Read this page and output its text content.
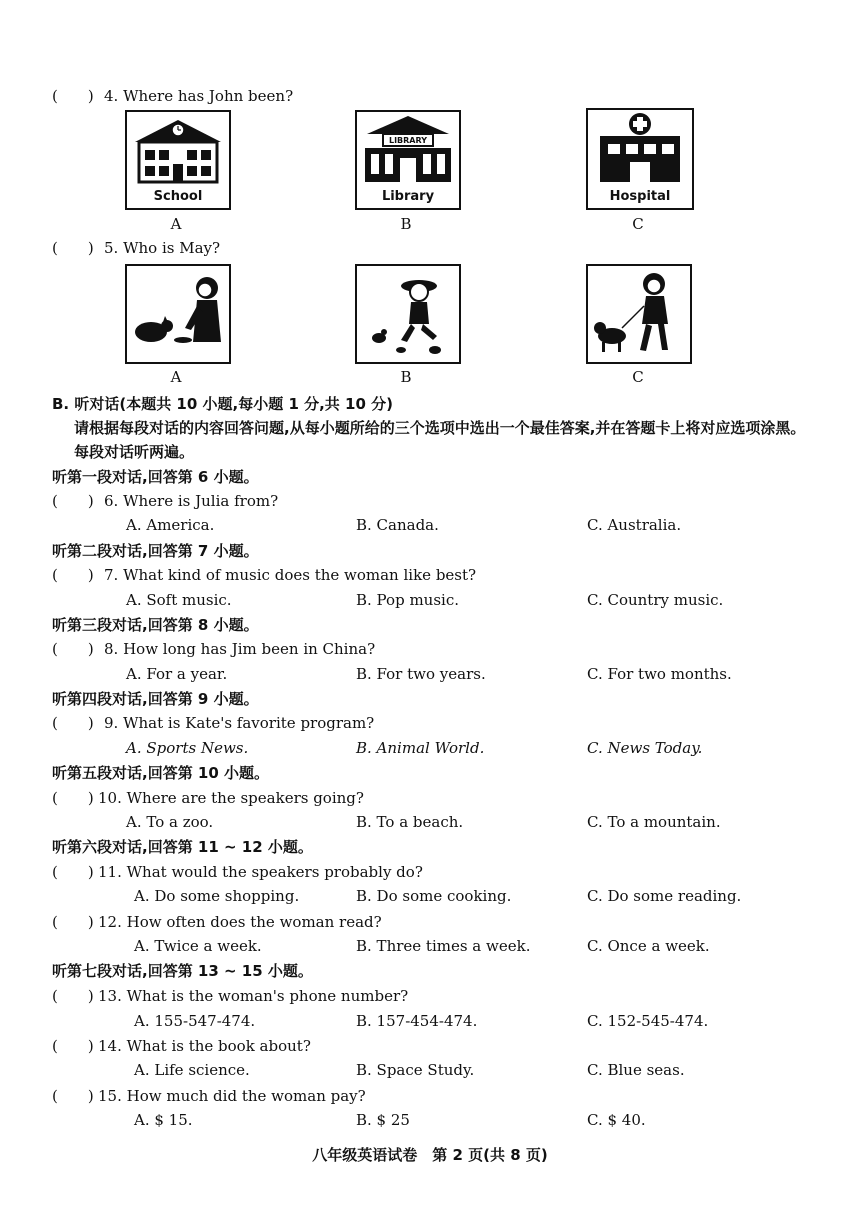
(　　) 4. Where has John been?
School
A
LIBRARY
Library
B
Hospital
C
(　　) 5. Who is May?
A	B	C
B. 听对话(本题共 10 小题,每小题 1 分,共 10 分)
请根据每段对话的内容回答问题,从每小题所给的三个选项中选出一个最佳答案,并在答题卡上将对应选项涂黑。每段对话听两遍。
听第一段对话,回答第 6 小题。
(　　) 6. Where is Julia from?
A. America.	B. Canada.	C. Australia.
听第二段对话,回答第 7 小题。
(　　) 7. What kind of music does the woman like best?
A. Soft music.	B. Pop music.	C. Country music.
听第三段对话,回答第 8 小题。
(　　) 8. How long has Jim been in China?
A. For a year.	B. For two years.	C. For two months.
听第四段对话,回答第 9 小题。
(　　) 9. What is Kate's favorite program?
A. Sports News.	B. Animal World.	C. News Today.
听第五段对话,回答第 10 小题。
(　　) 10. Where are the speakers going?
A. To a zoo.	B. To a beach.	C. To a mountain.
听第六段对话,回答第 11 ~ 12 小题。
(　　) 11. What would the speakers probably do?
A. Do some shopping.	B. Do some cooking.	C. Do some reading.
(　　) 12. How often does the woman read?
A. Twice a week.	B. Three times a week.	C. Once a week.
听第七段对话,回答第 13 ~ 15 小题。
(　　) 13. What is the woman's phone number?
A. 155-547-474.	B. 157-454-474.	C. 152-545-474.
(　　) 14. What is the book about?
A. Life science.	B. Space Study.	C. Blue seas.
(　　) 15. How much did the woman pay?
A. $ 15.	B. $ 25	C. $ 40.
八年级英语试卷　第 2 页(共 8 页)
